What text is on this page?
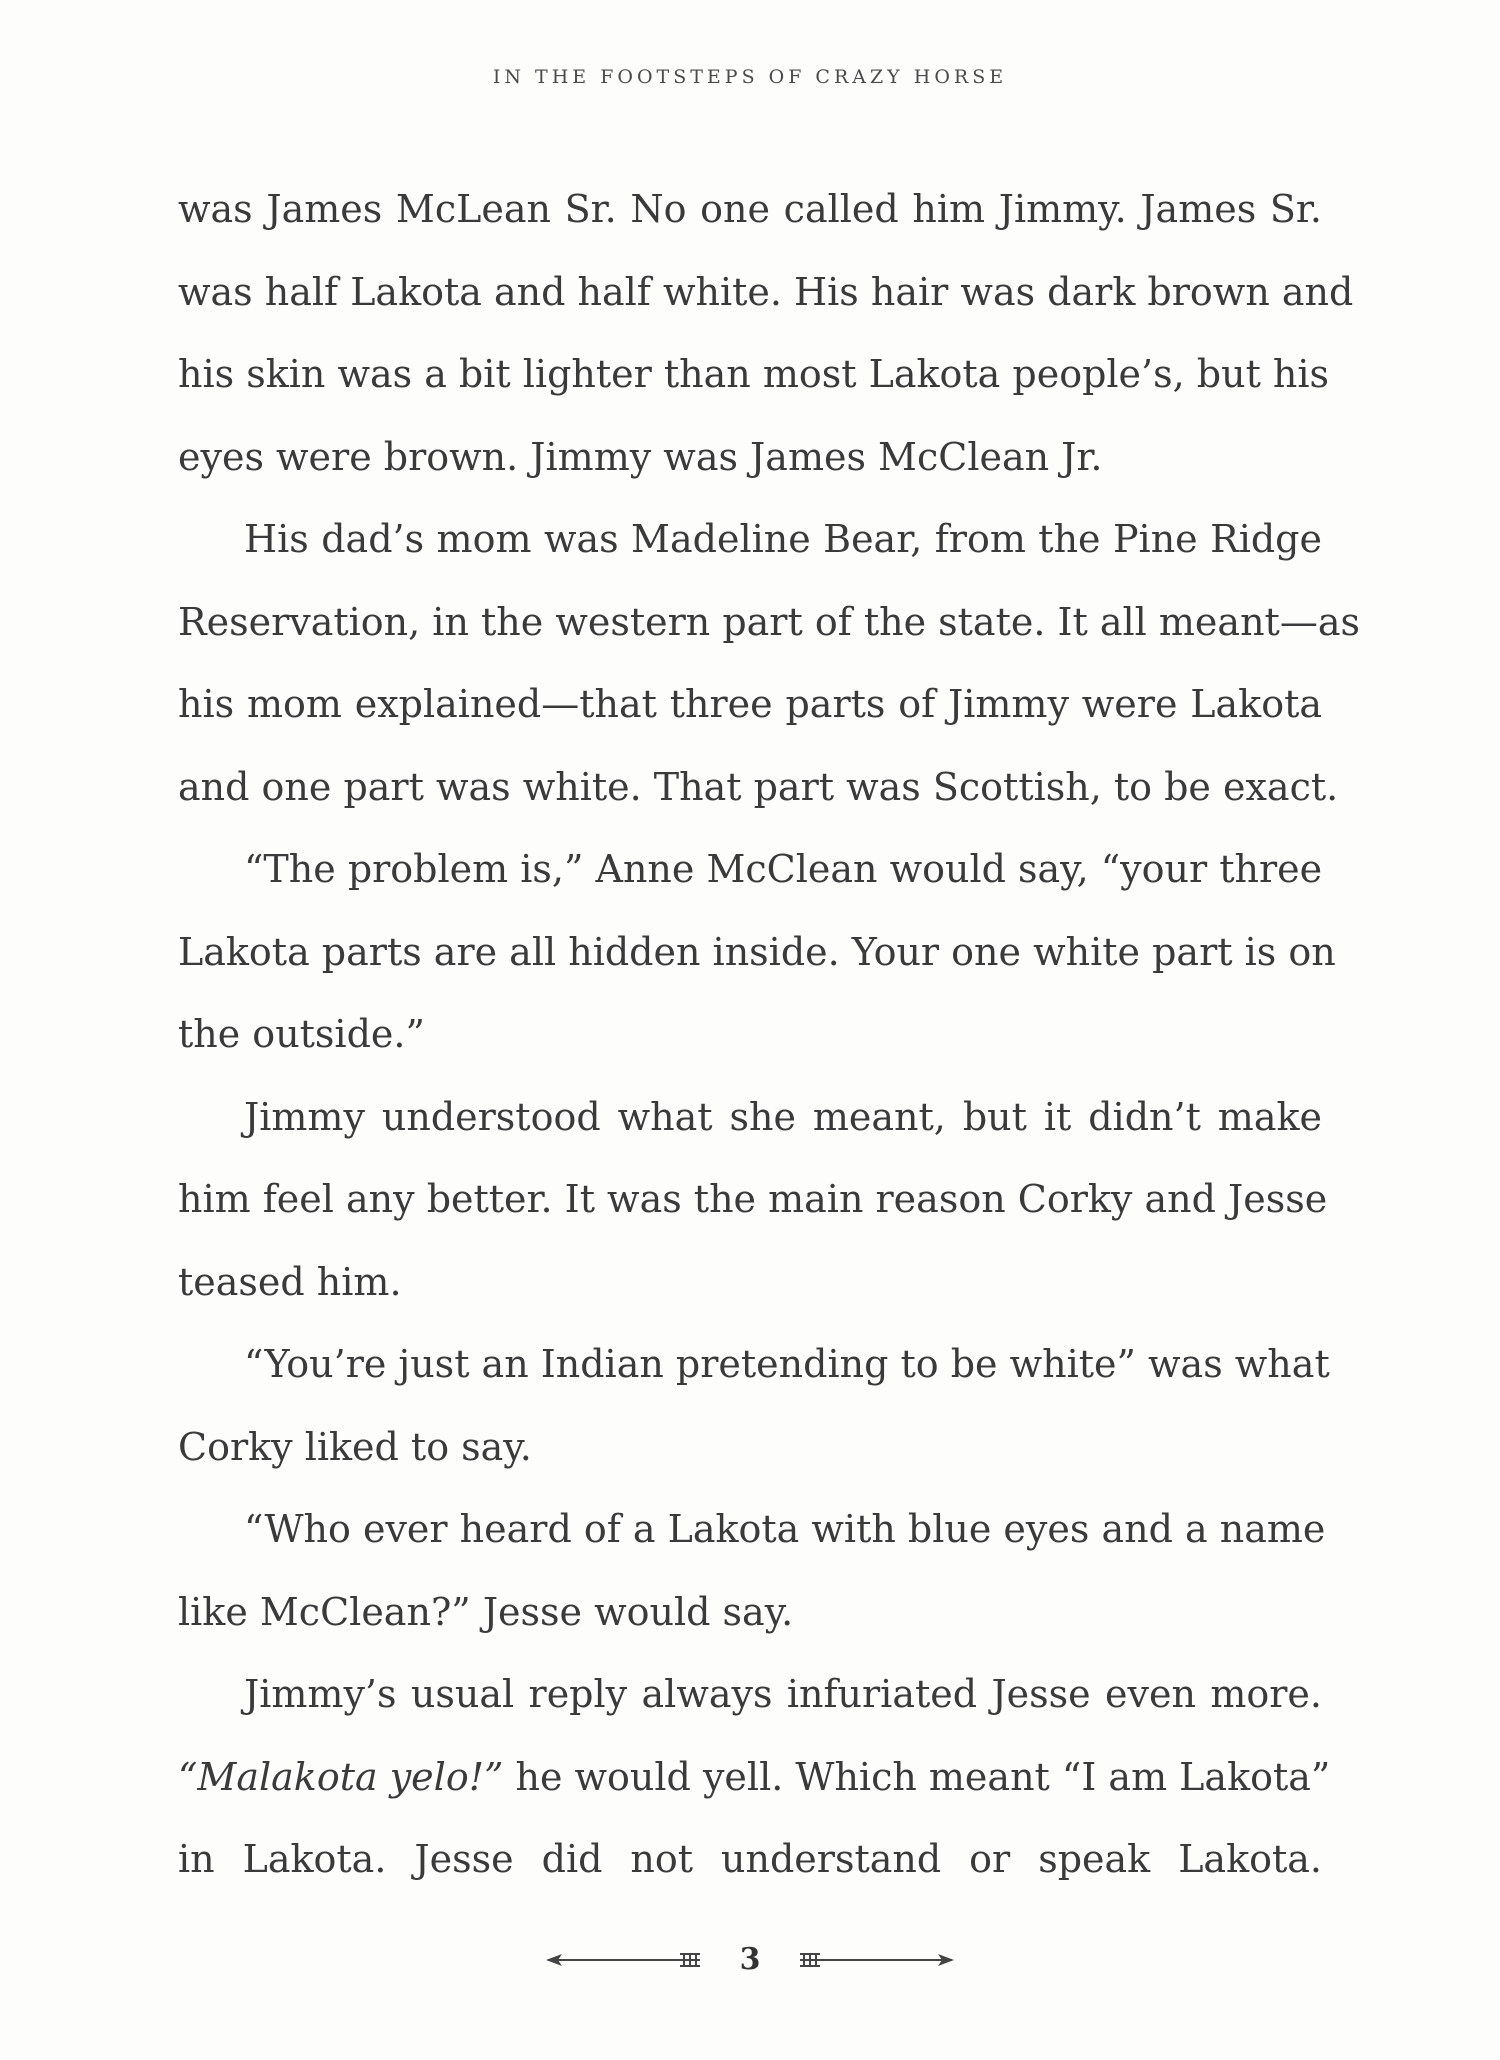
IN THE FOOTSTEPS OF CRAZY HORSE
was James McLean Sr. No one called him Jimmy. James Sr.
was half Lakota and half white. His hair was dark brown and
his skin was a bit lighter than most Lakota people’s, but his
eyes were brown. Jimmy was James McClean Jr.
His dad’s mom was Madeline Bear, from the Pine Ridge
Reservation, in the western part of the state. It all meant—as
his mom explained—that three parts of Jimmy were Lakota
and one part was white. That part was Scottish, to be exact.
“The problem is,” Anne McClean would say, “your three
Lakota parts are all hidden inside. Your one white part is on
the outside.”
Jimmy understood what she meant, but it didn’t make
him feel any better. It was the main reason Corky and Jesse
teased him.
“You’re just an Indian pretending to be white” was what
Corky liked to say.
“Who ever heard of a Lakota with blue eyes and a name
like McClean?” Jesse would say.
Jimmy’s usual reply always infuriated Jesse even more.
“Malakota yelo!” he would yell. Which meant “I am Lakota”
in Lakota. Jesse did not understand or speak Lakota.
3
